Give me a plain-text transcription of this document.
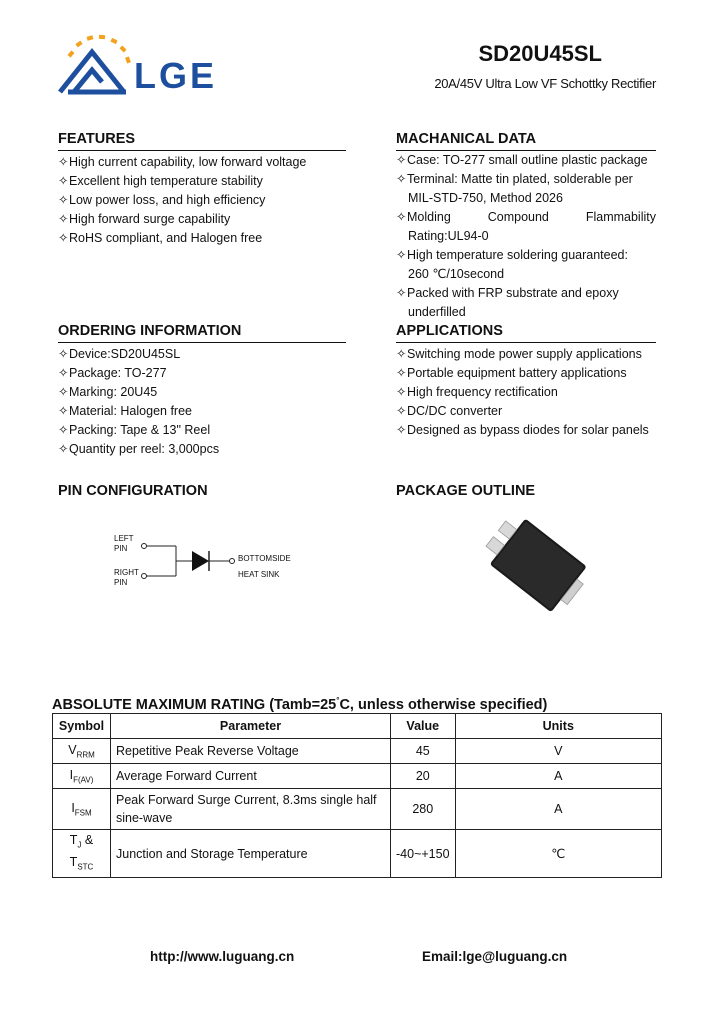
LGE
SD20U45SL
20A/45V Ultra Low VF Schottky Rectifier
FEATURES
✧High current capability, low forward voltage
✧Excellent high temperature stability
✧Low power loss, and high efficiency
✧High forward surge capability
✧RoHS compliant, and Halogen free
MACHANICAL DATA
✧Case: TO-277 small outline plastic package
✧Terminal: Matte tin plated, solderable per
MIL-STD-750, Method 2026
✧Molding	Compound	Flammability
Rating:UL94-0
✧High temperature soldering guaranteed:
260 ℃/10second
✧Packed with FRP substrate and epoxy
underfilled
ORDERING INFORMATION
✧Device:SD20U45SL
✧Package: TO-277
✧Marking: 20U45
✧Material: Halogen free
✧Packing: Tape & 13" Reel
✧Quantity per reel: 3,000pcs
APPLICATIONS
✧Switching mode power supply applications
✧Portable equipment battery applications
✧High frequency rectification
✧DC/DC converter
✧Designed as bypass diodes for solar panels
PIN CONFIGURATION
LEFT
PIN
RIGHT
PIN
BOTTOMSIDE
HEAT SINK
PACKAGE OUTLINE
ABSOLUTE MAXIMUM RATING (Tamb=25°C, unless otherwise specified)
Symbol	Parameter	Value	Units
$V_{RRM}$	Repetitive Peak Reverse Voltage	45	V
$I_{F(AV)}$	Average Forward Current	20	A
$I_{FSM}$	Peak Forward Surge Current, 8.3ms single half
sine-wave	280	A

$T_J$ &
$T_{STC}$	Junction and Storage Temperature	-40~+150	℃
http://www.luguang.cn	Email:lge@luguang.cn
